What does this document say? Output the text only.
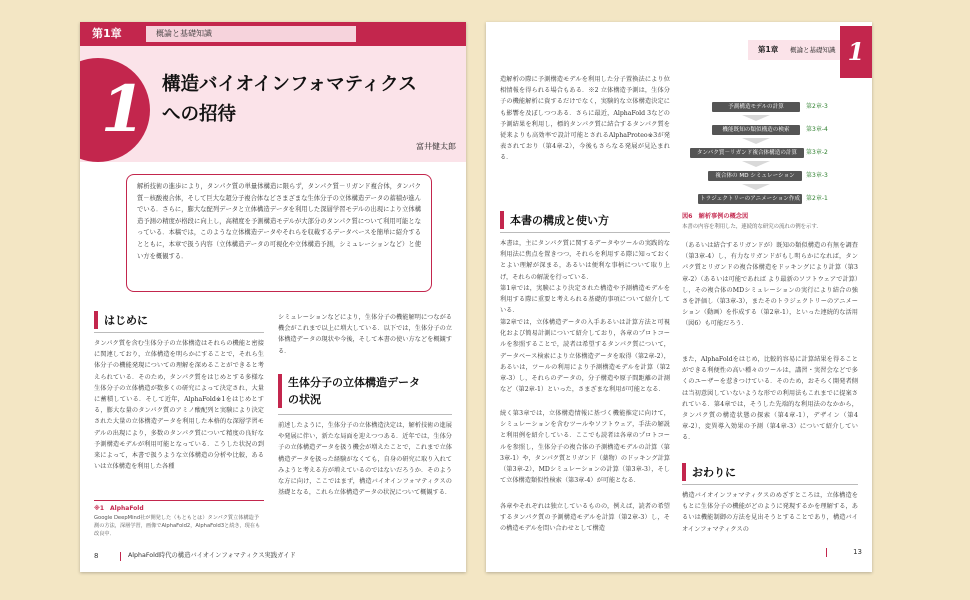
第1章	概論と基礎知識
1 構造バイオインフォマティクス
への招待
富井健太郎
解析技術の進歩により，タンパク質の単量体構造に限らず，タンパク質－リガンド複合体，タンパク質－核酸複合体，そして巨大な超分子複合体などさまざまな生体分子の立体構造データの蓄積が進んでいる．さらに，膨大な配列データと立体構造データを利用した深層学習モデルの出現により立体構造予測の精度が格段に向上し，高精度を予測構造モデルが大部分のタンパク質について利用可能となっている．本稿では，このような立体構造データやそれらを収載するデータベースを簡単に紹介するとともに，本章で扱う内容（立体構造データの可視化や立体構造予測，シミュレーションなど）と使い方を概観する．
はじめに
タンパク質を含む生体分子の立体構造はそれらの機能と密接に関連しており，立体構造を明らかにすることで，それら生体分子の機能発現についての理解を深めることができると考えられている．そのため，タンパク質をはじめとする多様な生体分子の立体構造が数多くの研究によって決定され，大量に蓄積している．そして近年，AlphaFold※1をはじめとする，膨大な量のタンパク質のアミノ酸配列と実験により決定された大量の立体構造データを利用した本格的な深層学習モデルの出現により，多数のタンパク質について精度の良好な予測構造モデルが利用可能となっている．こうした状況の到来によって，本書で扱うような立体構造の分析や比較，あるいは立体構造を利用した各種
※1　AlphaFold
Google DeepMind社が開発した（もともとは）タンパク質立体構造予測の方法，深層学習，画像でAlphaFold2，AlphaFold3と続き，現在も改良中．
シミュレーションなどにより，生体分子の機能解明につながる機会がこれまで以上に増大している．以下では，生体分子の立体構造データの現状や今後，そして本書の使い方などを概観する．
生体分子の立体構造データ
の状況
前述したように，生体分子の立体構造決定は，解析技術の進展や発展に伴い，新たな局面を迎えつつある．近年では，生体分子の立体構造データを扱う機会が増えたことで，これまで立体構造データを扱った経験がなくても，自身の研究に取り入れてみようと考える方が増えているのではないだろうか．そのような方に向け，ここではまず，構造バイオインフォマティクスの基礎となる，これら立体構造データの状況について概観する．
8	AlphaFold時代の構造バイオインフォマティクス実践ガイド
第1章	概論と基礎知識 1
造解析の際に予測構造モデルを利用した分子置換法により位相情報を得られる場合もある．※2 立体構造予測は，生体分子の機能解析に資するだけでなく，実験的な立体構造決定にも影響を及ぼしつつある．さらに最近，AlphaFold 3などの予測結果を利用し，標的タンパク質に結合するタンパク質を従来よりも高効率で設計可能とされるAlphaProteo※3が発表されており（第4章-2），今後もさらなる発展が見込まれる．
本書の構成と使い方
本書は，主にタンパク質に関するデータやツールの実践的な利用法に焦点を置きつつ，それらを利用する際に知っておくとよい理解が深まる，あるいは便利な事柄について取り上げ，それらの解説を行っている．
第1章では，実験により決定された構造や予測構造モデルを利用する際に重要と考えられる基礎的事項について紹介している．
第2章では，立体構造データの入手あるいは計算方法と可視化および簡易計測について紹介しており，各章のプロトコールを参照することで，読者は希望するタンパク質について，データベース検索により立体構造データを取得（第2章-2），あるいは，ツールの利用により予測構造モデルを計算（第2章-3）し，それらのデータの，分子構造や原子間距離の計測など（第2章-1）といった，さまざまな利用が可能となる．
続く第3章では，立体構造情報に基づく機能推定に向けて，シミュレーションを含むツールやソフトウェア，手法の解説と利用例を紹介している．ここでも読者は各章のプロトコールを参照し，生体分子の複合体の予測構造モデルの計算（第3章-1）や，タンパク質とリガンド（薬物）のドッキング計算（第3章-2），MDシミュレーションの計算（第3章-3），そして立体構造類似性検索（第3章-4）が可能となる．
各章やそれぞれは独立しているものの，例えば，読者の希望するタンパク質の予測構造モデルを計算（第2章-3）し，その構造モデルを問い合わせとして構造
予測構造モデルの計算	第2章-3
機能既知の類似構造の検索	第3章-4
タンパク質－リガンド複合体構造の計算	第3章-2
複合体の MD シミュレーション	第3章-3
トラジェクトリーのアニメーション作成 第2章-1
図6　解析事例の概念図
本書の内容を利用した，連続的な研究の流れの例を示す．
（あるいは結合するリガンドが）既知の類似構造の有無を調査（第3章-4）し，有力なリガンドがもし明らかになれば，タンパク質とリガンドの複合体構造をドッキングにより計算（第3章-2）（あるいは可能であれば より最新のソフトウェアで計算）し，その複合体のMDシミュレーションの実行により結合の強さを評価し（第3章-3），またそのトラジェクトリーのアニメーション（動画）を作成する（第2章-1），といった連続的な活用（図6）も可能だろう．
また，AlphaFoldをはじめ，比較的容易に計算結果を得ることができる利便性の高い種々のツールは，講習・実習会などで多くのユーザーを惹きつけている．そのため，おそらく開発者側は当初意図していないような形での利用法もこれまでに提案されている．第4章では，そうした先端的な利用法のなかから，タンパク質の構造状態の探索（第4章-1），デザイン（第4章-2），変異導入効果の予測（第4章-3）について紹介している．
おわりに
構造バイオインフォマティクスのめざすところは，立体構造をもとに生体分子の機能がどのように発現するかを理解する，あるいは機能制御の方法を見出そうとすることであり，構造バイオインフォマティクスの
13
